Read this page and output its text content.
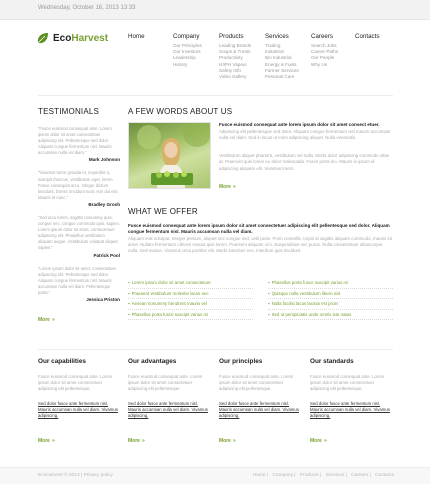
Wednesday, October 16, 2013 13:33
EcoHarvest	Home	Company
Our Principles
Our Investors
Leadership
History
Products
Leading Brands
Soups & Treats
Productivity
H3PH Vapeur
Safety Info
Video Gallery
Services
Trading
Industrial
Bio Industrial
Energy & Fuels
Farmer Services
Personal Care
Careers
Search Jobs
Career Paths
Our People
Why Us
Contacts
TESTIMONIALS
“Fusce euismod consequat ante. Lorem ipsum dolor sit amet consectetuer adipiscing elit. Pellentesque sed dolor. Aliquam congue fermentum nisl. Mauris accumsan nulla vel diam.”
Mark Johnson
“Vivamus tortor gravida et, imperdiet a, suscipit rhoncus, vestibulum eget, lorem. Fusce consequat arcu. Integer dictum tincidunt. Donec tincidunt nunc non dui nisl. Mauris et nunc.”
Bradley Grosh
“Sed arcu lorem, sagittis nonummy quis, congue nec, congue commodo quis, sapien. Lorem ipsum dolor sit amet, consectetuer adipiscing elit. Phasellus vestibulum aliquam augue. Vestibulum volutpat aliquet sapien.”
Patrick Pool
“Lorem ipsum dolor sit amet, consectetuer adipiscing elit. Pellentesque sed dolor. Aliquam congue fermentum nisl. Mauris accumsan nulla vel diam, Pellentesque porta.”
Jessica Priston
More »
A FEW WORDS ABOUT US
Fusce euismod consequat ante lorem ipsum dolor sit amet consect etuer.
Adipiscing elit pellentesque sed dolor. Aliquam congue fermentum nisl mauris accumsan nulla vel diam. Sed in lacus ut enim adipiscing aliquet. Nulla venenatis.
Vestibulum aliquet pharetra, vestibulum vel nulla. Morbi dolor adipiscing commodo vitae at. Praesent quis lorem eu dolor malesuada. Fusce porta leo. Mauris in ipsum id adipiscing aliquam elit. Vivamus lorem.
More »
WHAT WE OFFER
Fusce euismod consequat ante lorem ipsum dolor sit amet consectetuer adipiscing elit pellentesque sed dolor. Aliquam congue fermentum nisl. Mauris accumsan nulla vel diam.
Aliquam erat volutpat. Integer pretium, aliquet nec congue sed, velit pede. Proin convallis, turpis id sagittis aliquam commodo, mauris sit amet. Nullam fermentum ultrices massa quis lorem. Praesent aliquam orci. Suspendisse nec purus. Nulla consectetuer ullamcorper nulla. Sed massa. Vivamus urna porttitor elit. Morbi interdum nec, interdum quis tincidunt.
▪ Lorem ipsum dolor sit amet consectetuer
▪ Praesent vestibulum molestie lacus nec
▪ Aenean nonummy hendrerit mauris vel
▪ Phasellus porta fusce suscipit varius mi
▪ Phasellus porta fusce suscipit varius mi
▪ Quisque nulla vestibulum libero nisl
▪ Nulla facilisi lacus lacinia est proin
▪ Sed ut perspiciatis unde omnis iste natus
Our capabilities
Fusce euismod consequat ante. Lorem ipsum dolor sit amet consectetuer adipiscing elit pellentesque.
Sed dolor fusce ante fermentum nisl. Mauris accumsan nulla vel diam. Vivamus adipiscing.
More »
Our advantages
Fusce euismod consequat ante. Lorem ipsum dolor sit amet consectetuer adipiscing elit pellentesque.
Sed dolor fusce ante fermentum nisl. Mauris accumsan nulla vel diam. Vivamus adipiscing.
More »
Our principles
Fusce euismod consequat ante. Lorem ipsum dolor sit amet consectetuer adipiscing elit pellentesque.
Sed dolor fusce ante fermentum nisl. Mauris accumsan nulla vel diam. Vivamus adipiscing.
More »
Our standards
Fusce euismod consequat ante. Lorem ipsum dolor sit amet consectetuer adipiscing elit pellentesque.
Sed dolor fusce ante fermentum nisl. Mauris accumsan nulla vel diam. Vivamus adipiscing.
More »
EcoHarvest © 2013 | Privacy policy	Home | Company | Products | Services | Careers | Contacts
